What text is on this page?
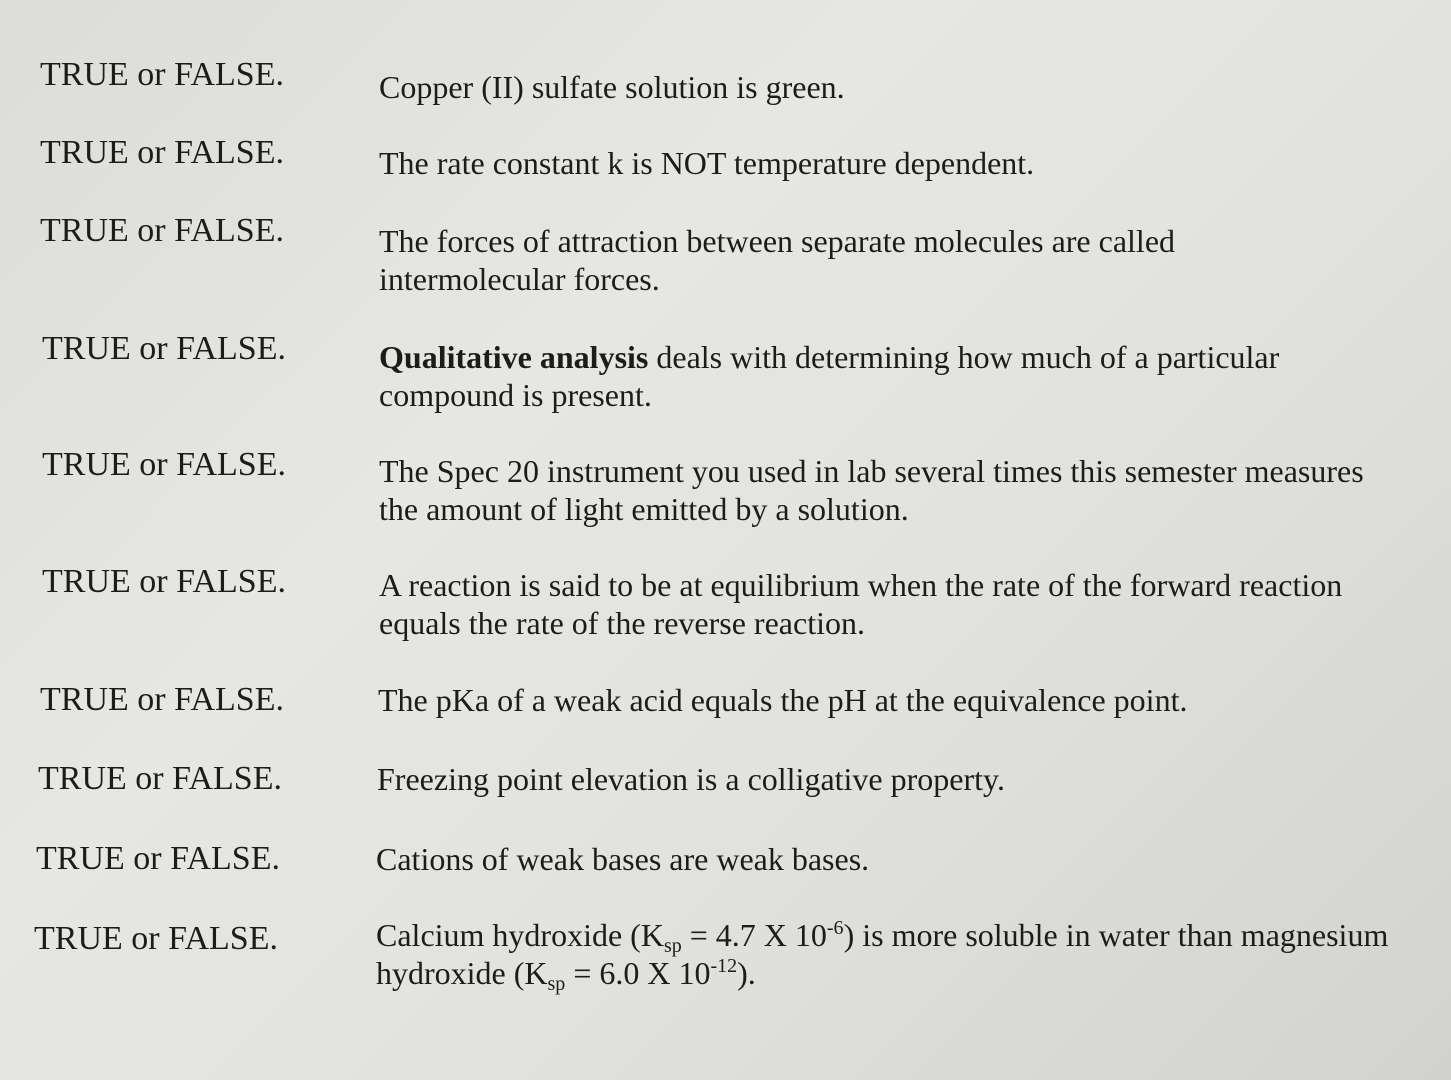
TRUE or FALSE.	Copper (II) sulfate solution is green.
TRUE or FALSE.	The rate constant k is NOT temperature dependent.
TRUE or FALSE.	The forces of attraction between separate molecules are called
intermolecular forces.
TRUE or FALSE.	Qualitative analysis deals with determining how much of a particular
compound is present.
TRUE or FALSE.	The Spec 20 instrument you used in lab several times this semester measures
the amount of light emitted by a solution.
TRUE or FALSE.	A reaction is said to be at equilibrium when the rate of the forward reaction
equals the rate of the reverse reaction.
TRUE or FALSE.	The pKa of a weak acid equals the pH at the equivalence point.
TRUE or FALSE.	Freezing point elevation is a colligative property.
TRUE or FALSE.	Cations of weak bases are weak bases.
TRUE or FALSE.	Calcium hydroxide ($K_{sp} = 4.7$ X $10^{-6}$) is more soluble in water than magnesium
hydroxide ($K_{sp} = 6.0$ X $10^{-12}$).
